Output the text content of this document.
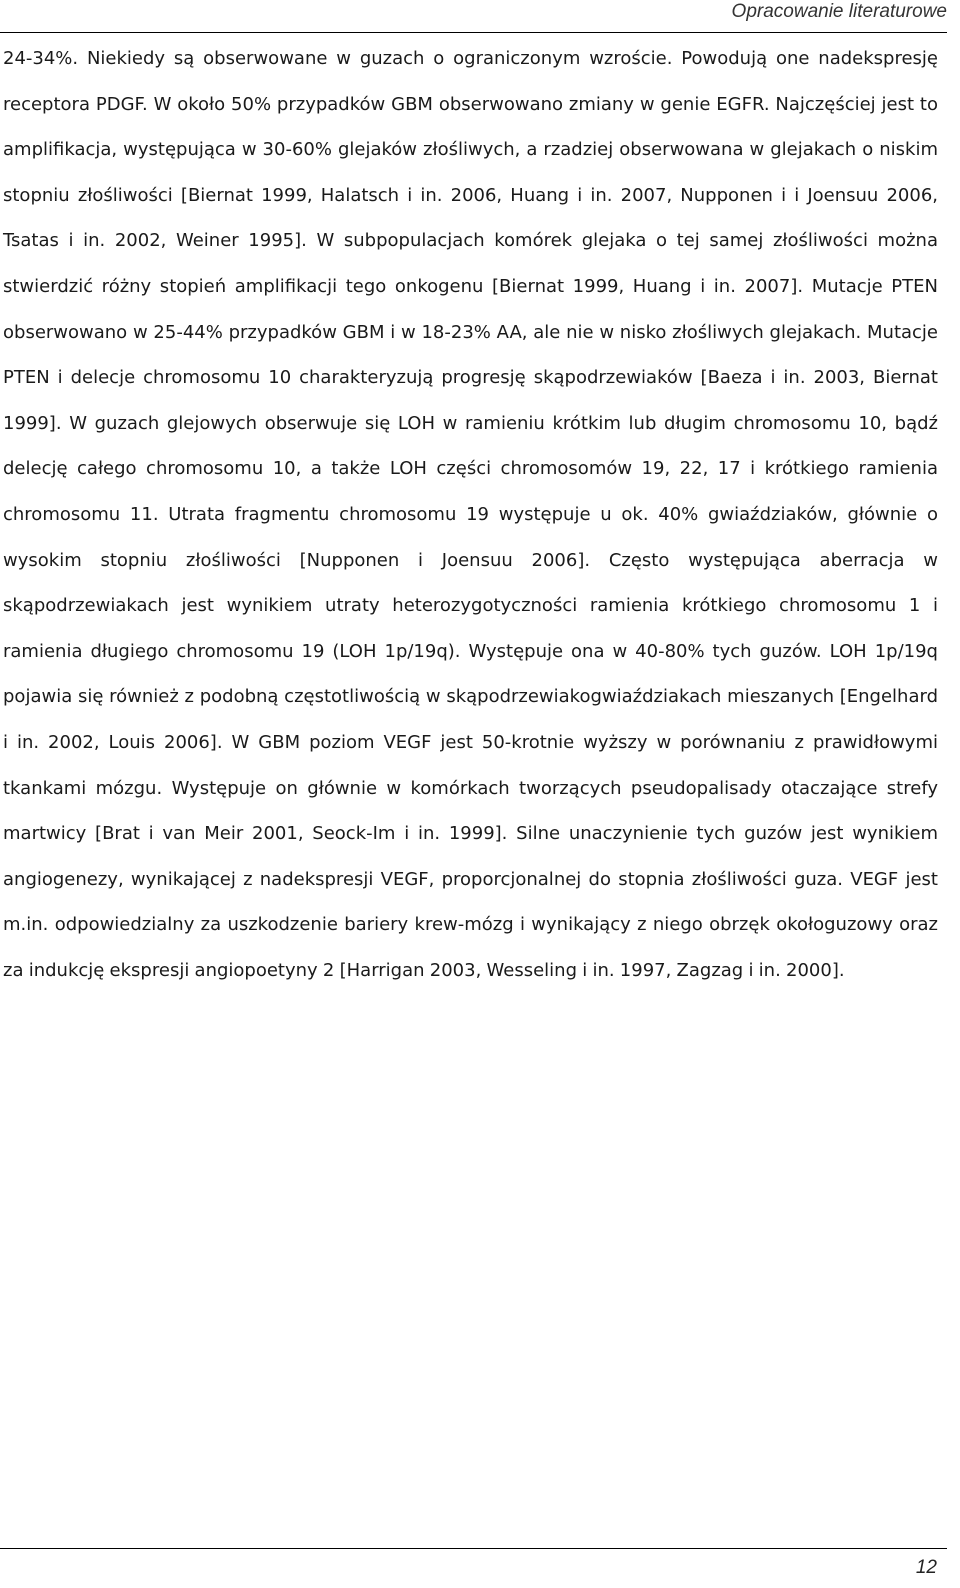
Opracowanie literaturowe

24-34%. Niekiedy są obserwowane w guzach o ograniczonym wzroście. Powodują one nadekspresję receptora PDGF. W około 50% przypadków GBM obserwowano zmiany w genie EGFR. Najczęściej jest to amplifikacja, występująca w 30-60% glejaków złośliwych, a rzadziej obserwowana w glejakach o niskim stopniu złośliwości [Biernat 1999, Halatsch i in. 2006, Huang i in. 2007, Nupponen i i Joensuu 2006, Tsatas i in. 2002, Weiner 1995]. W subpopulacjach komórek glejaka o tej samej złośliwości można stwierdzić różny stopień amplifikacji tego onkogenu [Biernat 1999, Huang i in. 2007]. Mutacje PTEN obserwowano w 25-44% przypadków GBM i w 18-23% AA, ale nie w nisko złośliwych glejakach. Mutacje PTEN i delecje chromosomu 10 charakteryzują progresję skąpodrzewiaków [Baeza i in. 2003, Biernat 1999]. W guzach glejowych obserwuje się LOH w ramieniu krótkim lub długim chromosomu 10, bądź delecję całego chromosomu 10, a także LOH części chromosomów 19, 22, 17 i krótkiego ramienia chromosomu 11. Utrata fragmentu chromosomu 19 występuje u ok. 40% gwiaździaków, głównie o wysokim stopniu złośliwości [Nupponen i Joensuu 2006]. Często występująca aberracja w skąpodrzewiakach jest wynikiem utraty heterozygotyczności ramienia krótkiego chromosomu 1 i ramienia długiego chromosomu 19 (LOH 1p/19q). Występuje ona w 40-80% tych guzów. LOH 1p/19q pojawia się również z podobną częstotliwością w skąpodrzewiakogwiaździakach mieszanych [Engelhard i in. 2002, Louis 2006]. W GBM poziom VEGF jest 50-krotnie wyższy w porównaniu z prawidłowymi tkankami mózgu. Występuje on głównie w komórkach tworzących pseudopalisady otaczające strefy martwicy [Brat i van Meir 2001, Seock-Im i in. 1999]. Silne unaczynienie tych guzów jest wynikiem angiogenezy, wynikającej z nadekspresji VEGF, proporcjonalnej do stopnia złośliwości guza. VEGF jest m.in. odpowiedzialny za uszkodzenie bariery krew-mózg i wynikający z niego obrzęk okołoguzowy oraz za indukcję ekspresji angiopoetyny 2 [Harrigan 2003, Wesseling i in. 1997, Zagzag i in. 2000].

12
